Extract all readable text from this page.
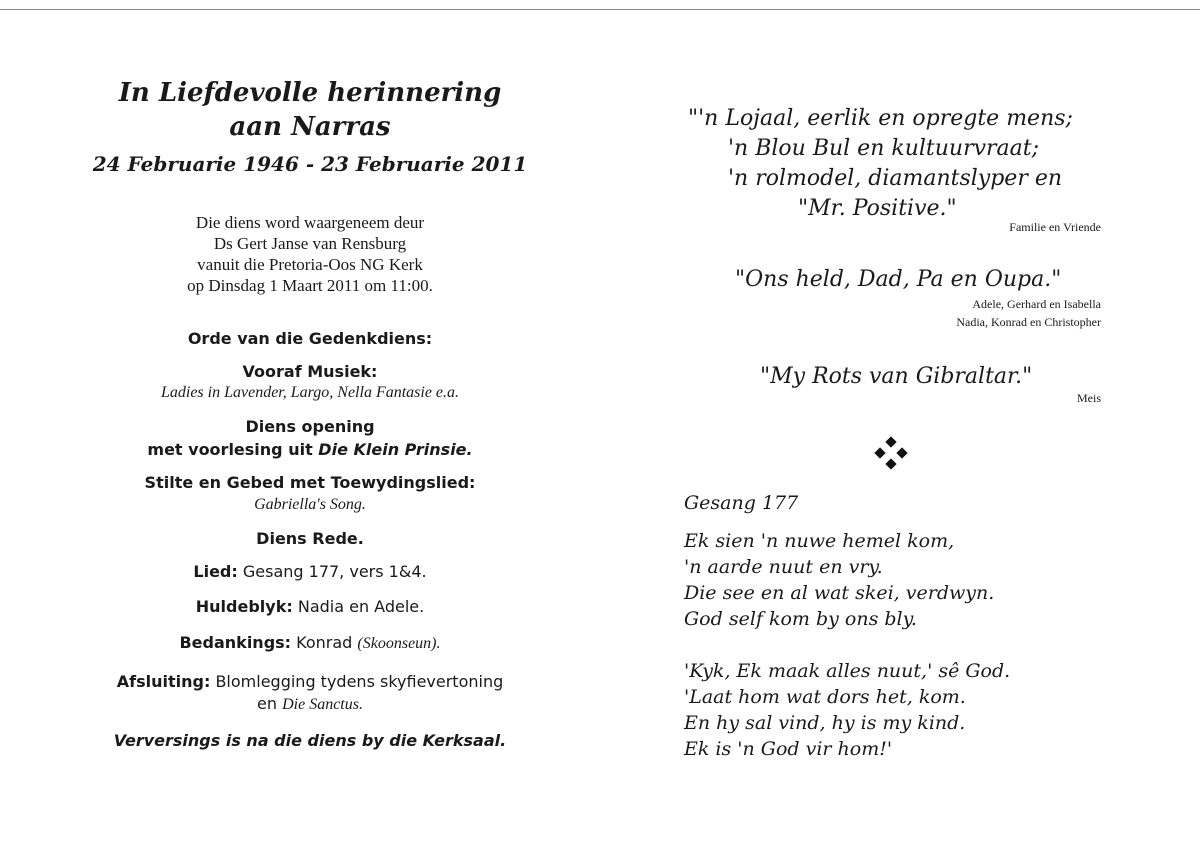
In Liefdevolle herinnering
aan Narras
24 Februarie 1946 - 23 Februarie 2011
Die diens word waargeneem deur
Ds Gert Janse van Rensburg
vanuit die Pretoria-Oos NG Kerk
op Dinsdag 1 Maart 2011 om 11:00.
Orde van die Gedenkdiens:
Vooraf Musiek:
Ladies in Lavender, Largo, Nella Fantasie e.a.
Diens opening
met voorlesing uit Die Klein Prinsie.
Stilte en Gebed met Toewydingslied:
Gabriella's Song.
Diens Rede.
Lied: Gesang 177, vers 1&4.
Huldeblyk: Nadia en Adele.
Bedankings: Konrad (Skoonseun).
Afsluiting: Blomlegging tydens skyfievertoning
en Die Sanctus.
Verversings is na die diens by die Kerksaal.
"'n Lojaal, eerlik en opregte mens;
'n Blou Bul en kultuurvraat;
'n rolmodel, diamantslyper en
"Mr. Positive."
Familie en Vriende
"Ons held, Dad, Pa en Oupa."
Adele, Gerhard en Isabella
Nadia, Konrad en Christopher
"My Rots van Gibraltar."
Meis
Gesang 177
Ek sien 'n nuwe hemel kom,
'n aarde nuut en vry.
Die see en al wat skei, verdwyn.
God self kom by ons bly.
'Kyk, Ek maak alles nuut,' sê God.
'Laat hom wat dors het, kom.
En hy sal vind, hy is my kind.
Ek is 'n God vir hom!'
